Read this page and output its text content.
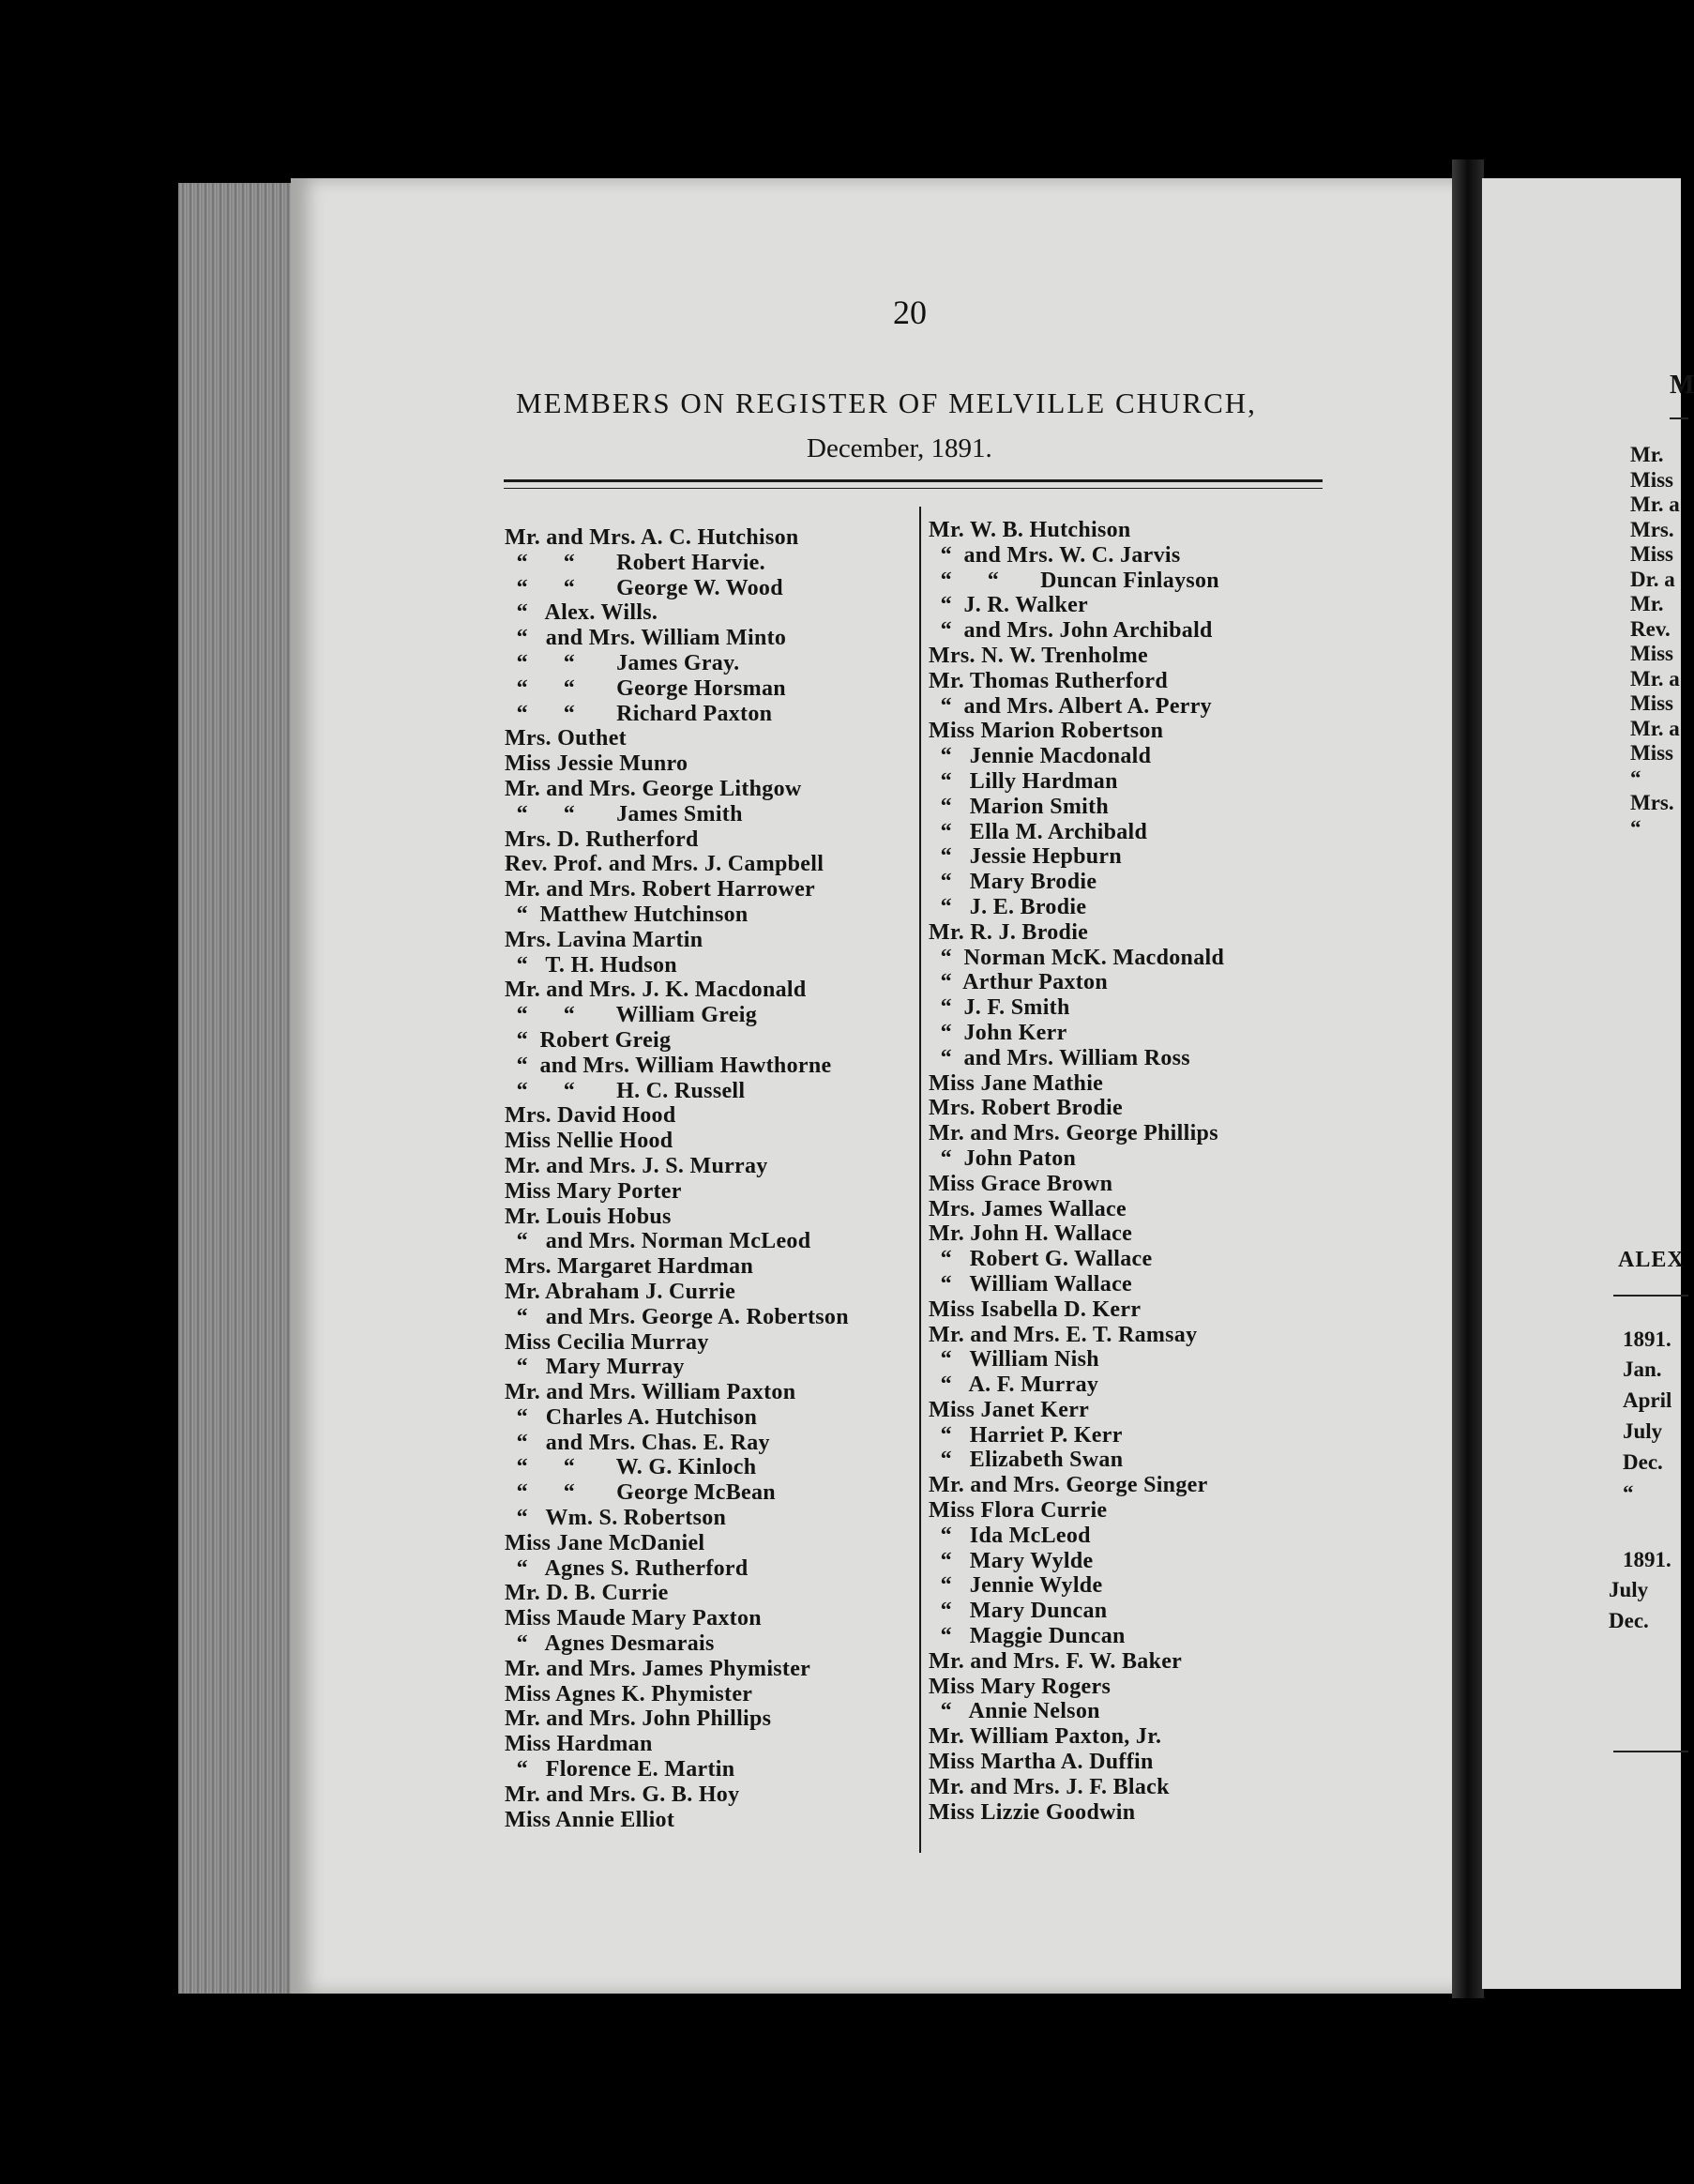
20
MEMBERS ON REGISTER OF MELVILLE CHURCH,
December, 1891.
Mr. and Mrs. A. C. Hutchison
“      “       Robert Harvie.
“      “       George W. Wood
“   Alex. Wills.
“   and Mrs. William Minto
“      “       James Gray.
“      “       George Horsman
“      “       Richard Paxton
Mrs. Outhet
Miss Jessie Munro
Mr. and Mrs. George Lithgow
“      “       James Smith
Mrs. D. Rutherford
Rev. Prof. and Mrs. J. Campbell
Mr. and Mrs. Robert Harrower
“  Matthew Hutchinson
Mrs. Lavina Martin
“   T. H. Hudson
Mr. and Mrs. J. K. Macdonald
“      “       William Greig
“  Robert Greig
“  and Mrs. William Hawthorne
“      “       H. C. Russell
Mrs. David Hood
Miss Nellie Hood
Mr. and Mrs. J. S. Murray
Miss Mary Porter
Mr. Louis Hobus
“   and Mrs. Norman McLeod
Mrs. Margaret Hardman
Mr. Abraham J. Currie
“   and Mrs. George A. Robertson
Miss Cecilia Murray
“   Mary Murray
Mr. and Mrs. William Paxton
“   Charles A. Hutchison
“   and Mrs. Chas. E. Ray
“      “       W. G. Kinloch
“      “       George McBean
“   Wm. S. Robertson
Miss Jane McDaniel
“   Agnes S. Rutherford
Mr. D. B. Currie
Miss Maude Mary Paxton
“   Agnes Desmarais
Mr. and Mrs. James Phymister
Miss Agnes K. Phymister
Mr. and Mrs. John Phillips
Miss Hardman
“   Florence E. Martin
Mr. and Mrs. G. B. Hoy
Miss Annie Elliot
Mr. W. B. Hutchison
“  and Mrs. W. C. Jarvis
“      “       Duncan Finlayson
“  J. R. Walker
“  and Mrs. John Archibald
Mrs. N. W. Trenholme
Mr. Thomas Rutherford
“  and Mrs. Albert A. Perry
Miss Marion Robertson
“   Jennie Macdonald
“   Lilly Hardman
“   Marion Smith
“   Ella M. Archibald
“   Jessie Hepburn
“   Mary Brodie
“   J. E. Brodie
Mr. R. J. Brodie
“  Norman McK. Macdonald
“  Arthur Paxton
“  J. F. Smith
“  John Kerr
“  and Mrs. William Ross
Miss Jane Mathie
Mrs. Robert Brodie
Mr. and Mrs. George Phillips
“  John Paton
Miss Grace Brown
Mrs. James Wallace
Mr. John H. Wallace
“   Robert G. Wallace
“   William Wallace
Miss Isabella D. Kerr
Mr. and Mrs. E. T. Ramsay
“   William Nish
“   A. F. Murray
Miss Janet Kerr
“   Harriet P. Kerr
“   Elizabeth Swan
Mr. and Mrs. George Singer
Miss Flora Currie
“   Ida McLeod
“   Mary Wylde
“   Jennie Wylde
“   Mary Duncan
“   Maggie Duncan
Mr. and Mrs. F. W. Baker
Miss Mary Rogers
“   Annie Nelson
Mr. William Paxton, Jr.
Miss Martha A. Duffin
Mr. and Mrs. J. F. Black
Miss Lizzie Goodwin
M
Mr.
Miss
Mr. a
Mrs.
Miss
Dr. a
Mr.
Rev.
Miss
Mr. a
Miss
Mr. a
Miss
“
Mrs.
“
ALEX
1891.
Jan.
April
July
Dec.
“
1891.
July
Dec.
